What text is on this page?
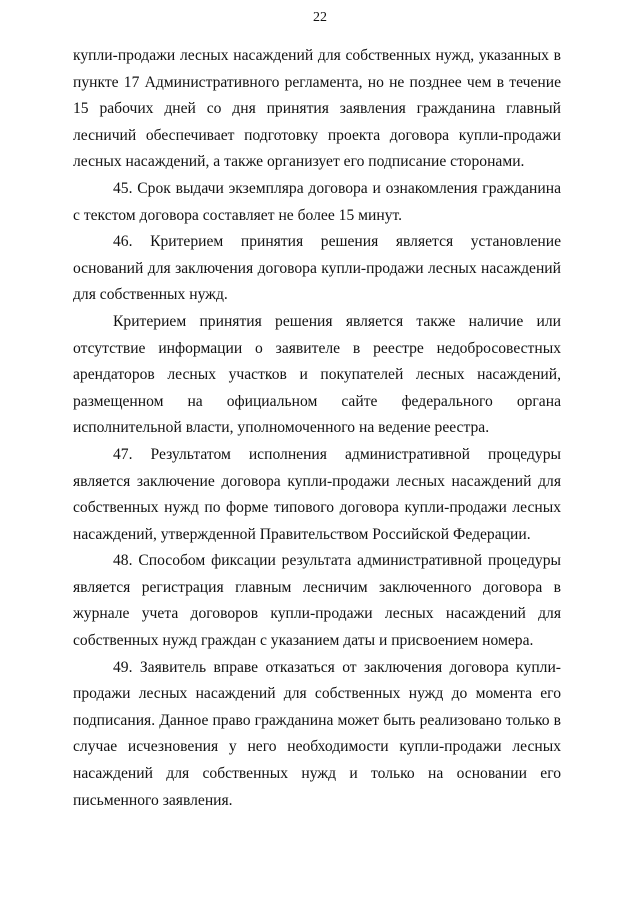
22

купли-продажи лесных насаждений для собственных нужд, указанных в пункте 17 Административного регламента, но не позднее чем в течение 15 рабочих дней со дня принятия заявления гражданина главный лесничий обеспечивает подготовку проекта договора купли-продажи лесных насаждений, а также организует его подписание сторонами.

45. Срок выдачи экземпляра договора и ознакомления гражданина с текстом договора составляет не более 15 минут.

46. Критерием принятия решения является установление оснований для заключения договора купли-продажи лесных насаждений для собственных нужд.

Критерием принятия решения является также наличие или отсутствие информации о заявителе в реестре недобросовестных арендаторов лесных участков и покупателей лесных насаждений, размещенном на официальном сайте федерального органа исполнительной власти, уполномоченного на ведение реестра.

47. Результатом исполнения административной процедуры является заключение договора купли-продажи лесных насаждений для собственных нужд по форме типового договора купли-продажи лесных насаждений, утвержденной Правительством Российской Федерации.

48. Способом фиксации результата административной процедуры является регистрация главным лесничим заключенного договора в журнале учета договоров купли-продажи лесных насаждений для собственных нужд граждан с указанием даты и присвоением номера.

49. Заявитель вправе отказаться от заключения договора купли-продажи лесных насаждений для собственных нужд до момента его подписания. Данное право гражданина может быть реализовано только в случае исчезновения у него необходимости купли-продажи лесных насаждений для собственных нужд и только на основании его письменного заявления.
